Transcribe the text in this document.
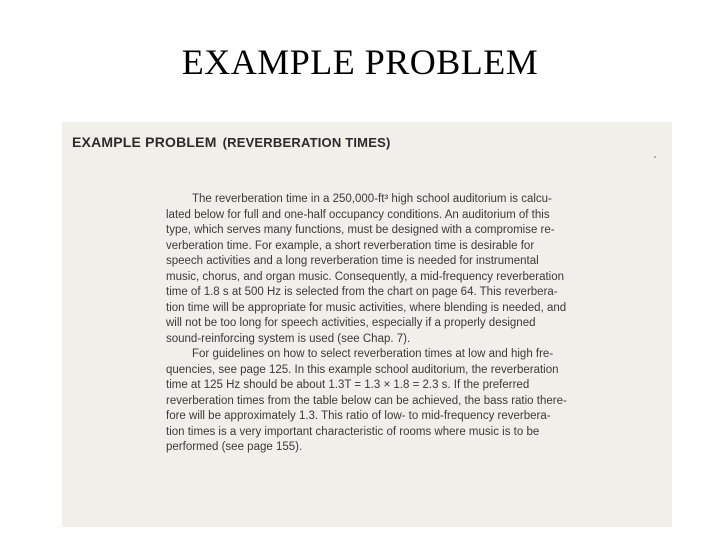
EXAMPLE PROBLEM
EXAMPLE PROBLEM (REVERBERATION TIMES)
The reverberation time in a 250,000-ft³ high school auditorium is calcu-
lated below for full and one-half occupancy conditions. An auditorium of this
type, which serves many functions, must be designed with a compromise re-
verberation time. For example, a short reverberation time is desirable for
speech activities and a long reverberation time is needed for instrumental
music, chorus, and organ music. Consequently, a mid-frequency reverberation
time of 1.8 s at 500 Hz is selected from the chart on page 64. This reverbera-
tion time will be appropriate for music activities, where blending is needed, and
will not be too long for speech activities, especially if a properly designed
sound-reinforcing system is used (see Chap. 7).
For guidelines on how to select reverberation times at low and high fre-
quencies, see page 125. In this example school auditorium, the reverberation
time at 125 Hz should be about 1.3T = 1.3 × 1.8 = 2.3 s. If the preferred
reverberation times from the table below can be achieved, the bass ratio there-
fore will be approximately 1.3. This ratio of low- to mid-frequency reverbera-
tion times is a very important characteristic of rooms where music is to be
performed (see page 155).
